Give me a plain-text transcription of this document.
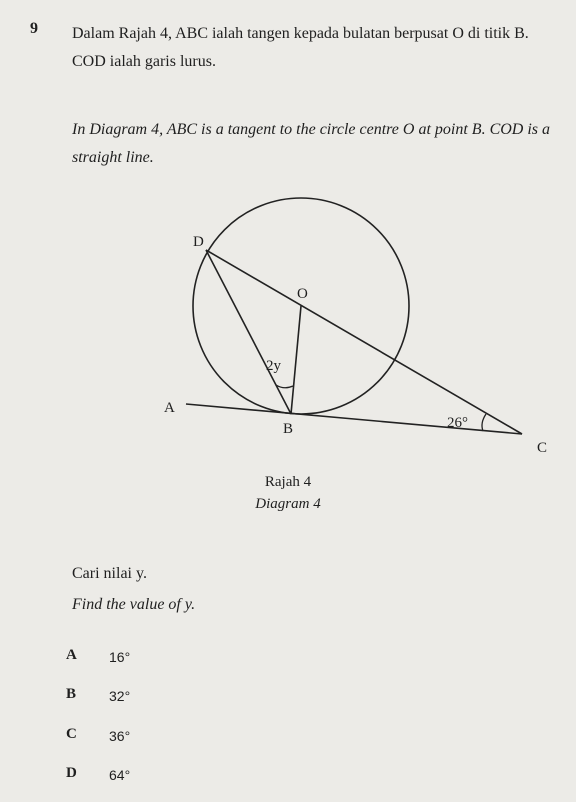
9 Dalam Rajah 4, ABC ialah tangen kepada bulatan berpusat O di titik B. COD ialah garis lurus.
In Diagram 4, ABC is a tangent to the circle centre O at point B. COD is a straight line.
D
O
2y
A
B	26°
C
Rajah 4
Diagram 4
Cari nilai y.
Find the value of y.
A 16°
B 32°
C 36°
D 64°
